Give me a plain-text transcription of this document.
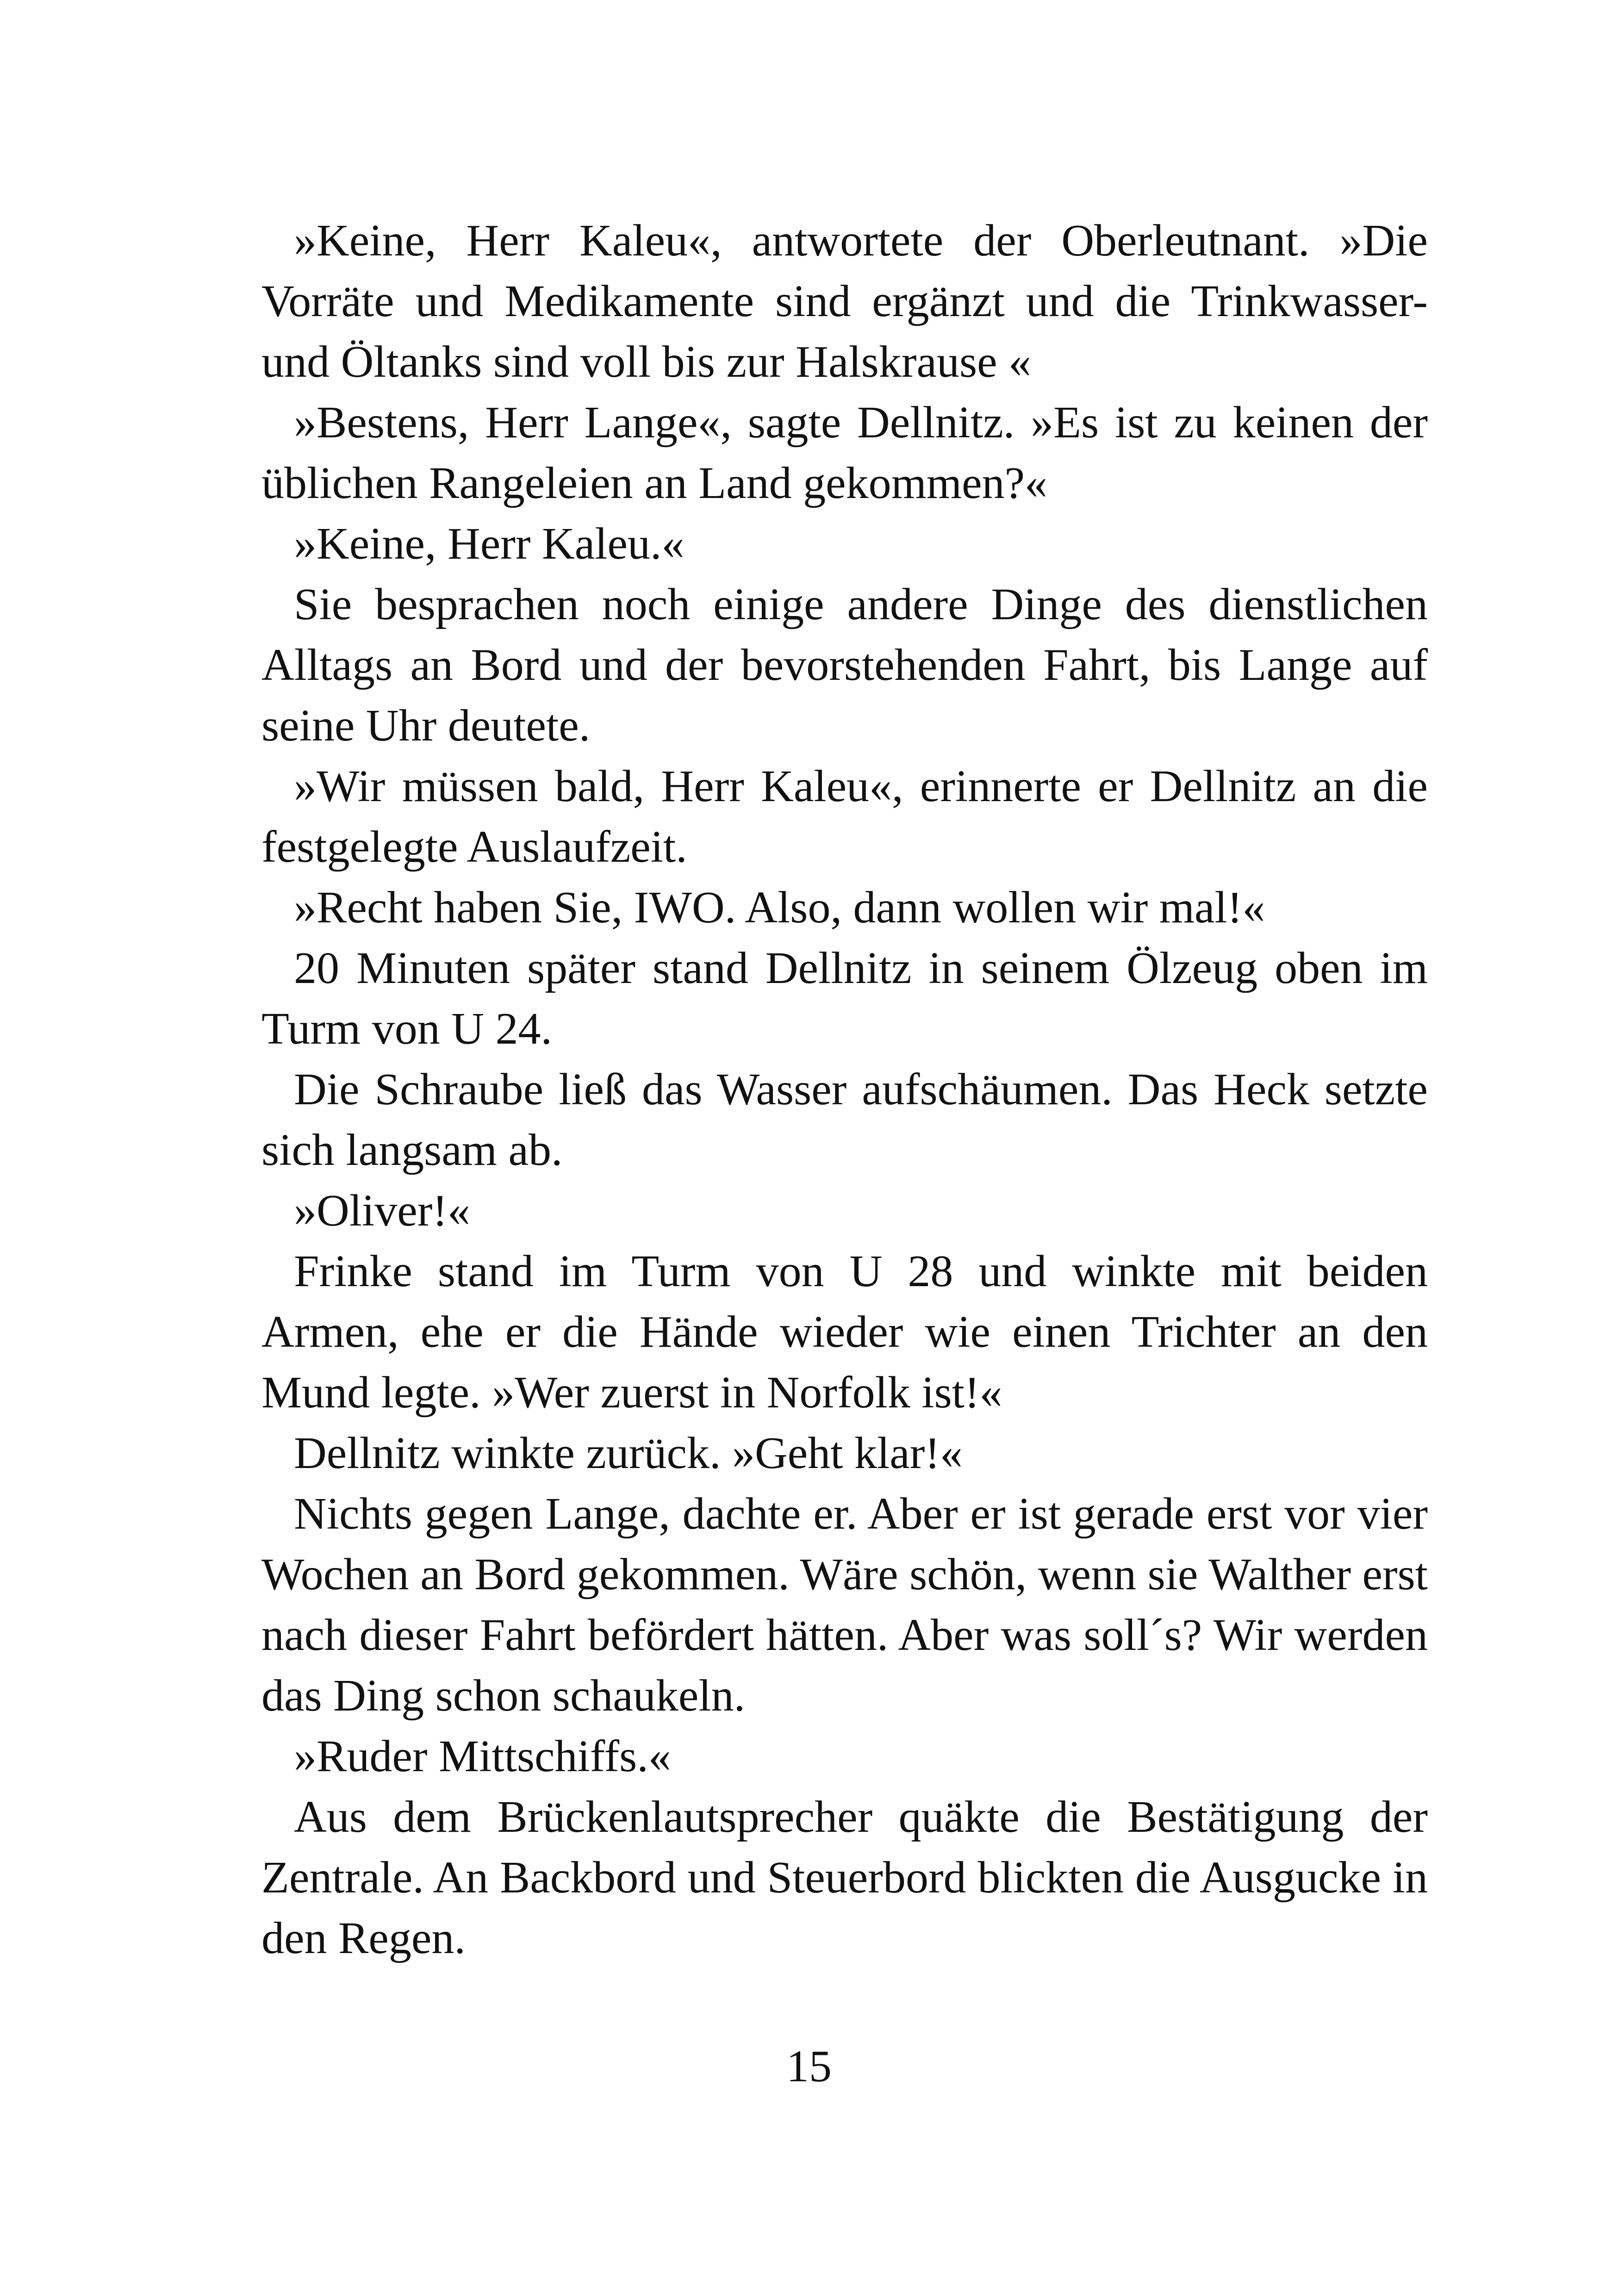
»Keine, Herr Kaleu«, antwortete der Oberleutnant. »Die Vorräte und Medikamente sind ergänzt und die Trinkwasser- und Öltanks sind voll bis zur Halskrause «

»Bestens, Herr Lange«, sagte Dellnitz. »Es ist zu keinen der üblichen Rangeleien an Land gekommen?«

»Keine, Herr Kaleu.«

Sie besprachen noch einige andere Dinge des dienstlichen Alltags an Bord und der bevorstehenden Fahrt, bis Lange auf seine Uhr deutete.

»Wir müssen bald, Herr Kaleu«, erinnerte er Dellnitz an die festgelegte Auslaufzeit.

»Recht haben Sie, IWO. Also, dann wollen wir mal!«

20 Minuten später stand Dellnitz in seinem Ölzeug oben im Turm von U 24.

Die Schraube ließ das Wasser aufschäumen. Das Heck setzte sich langsam ab.

»Oliver!«

Frinke stand im Turm von U 28 und winkte mit beiden Armen, ehe er die Hände wieder wie einen Trichter an den Mund legte. »Wer zuerst in Norfolk ist!«

Dellnitz winkte zurück. »Geht klar!«

Nichts gegen Lange, dachte er. Aber er ist gerade erst vor vier Wochen an Bord gekommen. Wäre schön, wenn sie Walther erst nach dieser Fahrt befördert hätten. Aber was soll´s? Wir werden das Ding schon schaukeln.

»Ruder Mittschiffs.«

Aus dem Brückenlautsprecher quäkte die Bestätigung der Zentrale. An Backbord und Steuerbord blickten die Ausgucke in den Regen.

15
